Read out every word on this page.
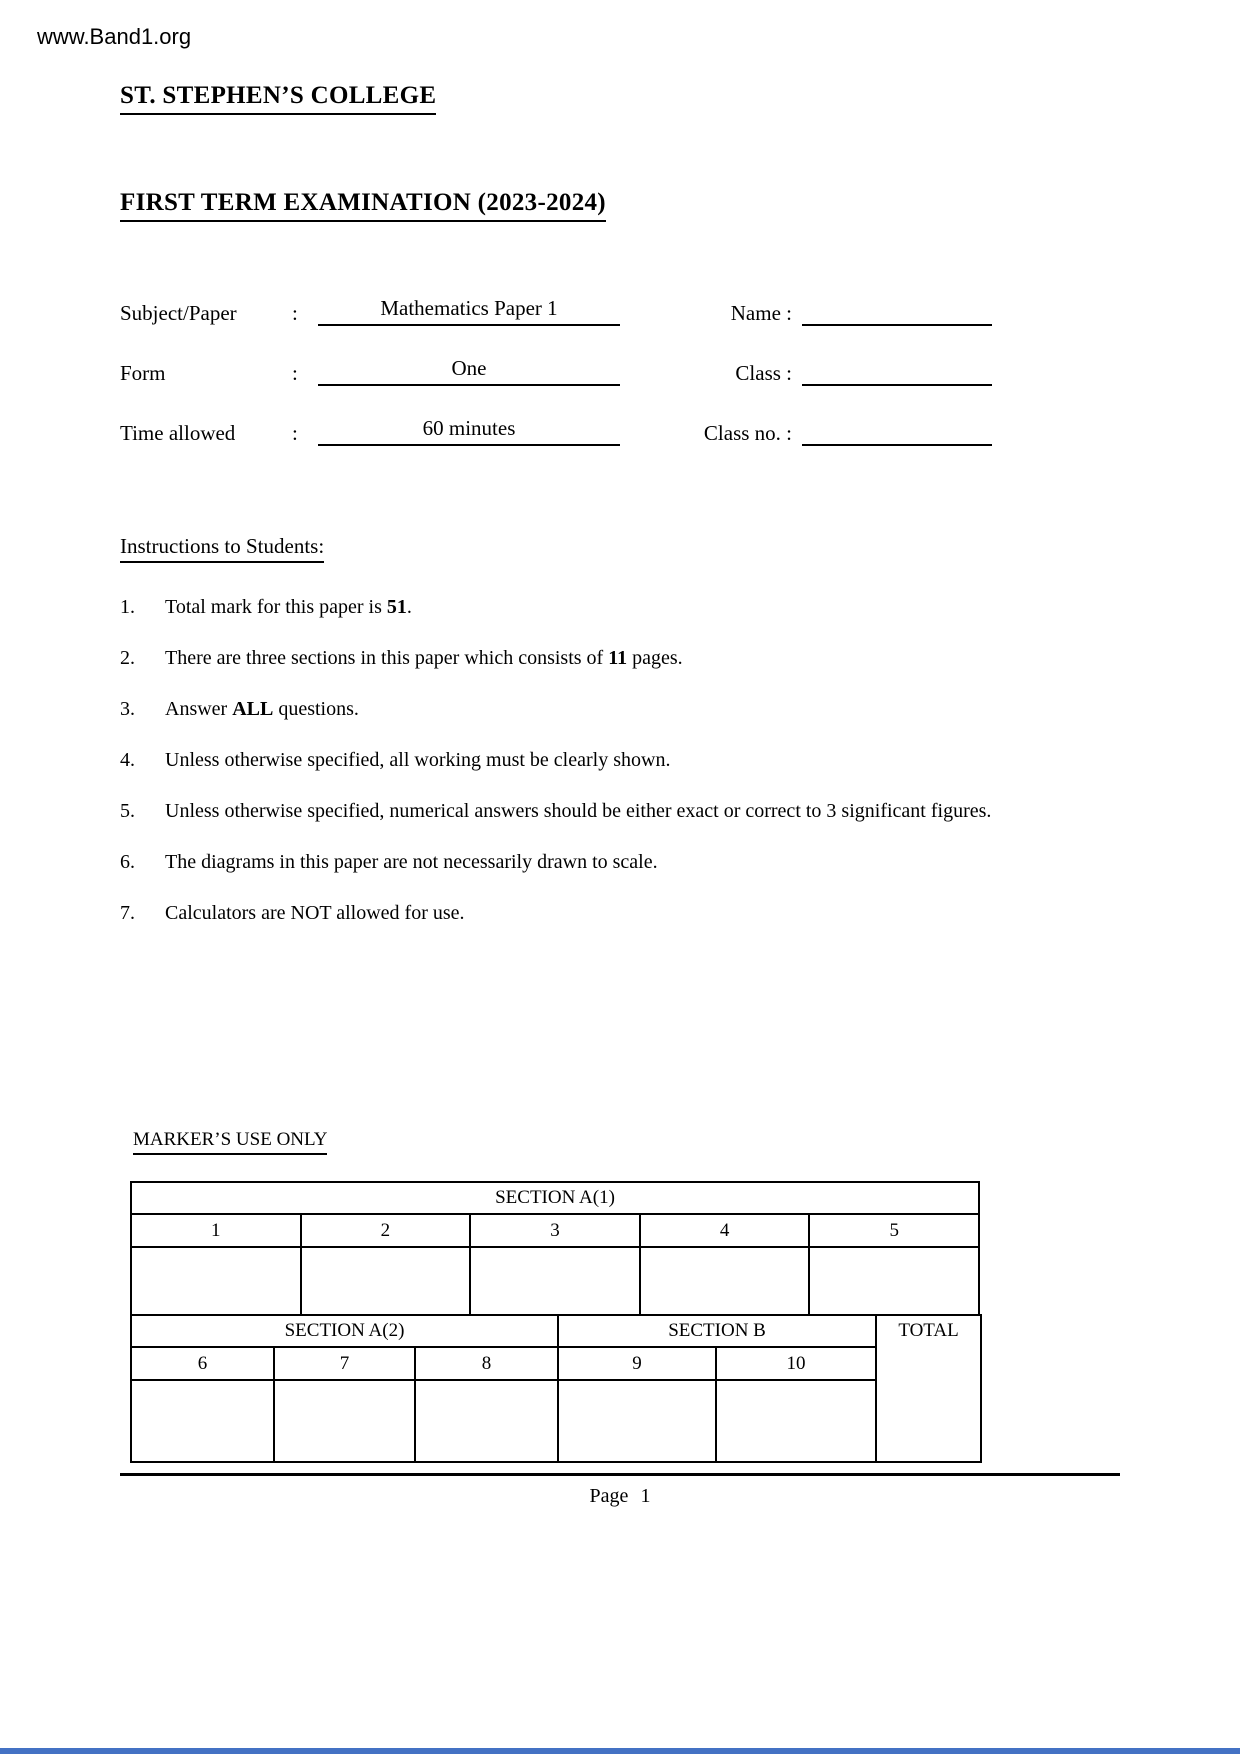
www.Band1.org
ST. STEPHEN’S COLLEGE
FIRST TERM EXAMINATION (2023-2024)
Subject/Paper	:	Mathematics Paper 1	Name :
Form	:	One	Class :
Time allowed	:	60 minutes	Class no. :
Instructions to Students:
1.	Total mark for this paper is 51.
2.	There are three sections in this paper which consists of 11 pages.
3.	Answer ALL questions.
4.	Unless otherwise specified, all working must be clearly shown.
5.	Unless otherwise specified, numerical answers should be either exact or correct to 3 significant figures.
6.	The diagrams in this paper are not necessarily drawn to scale.
7.	Calculators are NOT allowed for use.
MARKER’S USE ONLY
SECTION A(1)				
1	2	3	4	5

SECTION A(2)			SECTION B		TOTAL
6	7	8	9	10	

Page 1
